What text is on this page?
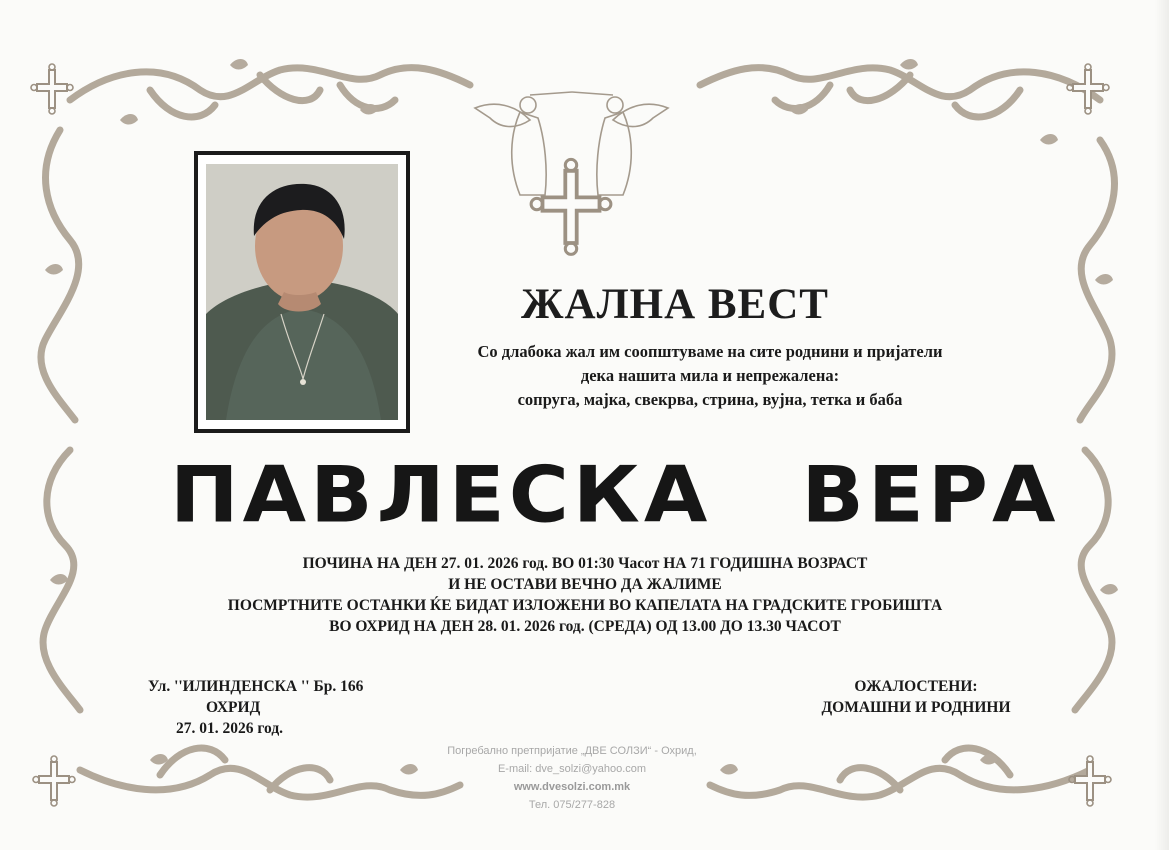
ЖАЛНА ВЕСТ
Со длабока жал им соопштуваме на сите роднини и пријатели
дека нашита мила и непрежалена:
сопруга, мајка, свекрва, стрина, вујна, тетка и баба
ПАВЛЕСКА ВЕРА
ПОЧИНА НА ДЕН 27. 01. 2026 год. ВО 01:30 Часот НА 71 ГОДИШНА ВОЗРАСТ
И НЕ ОСТАВИ ВЕЧНО ДА ЖАЛИМЕ
ПОСМРТНИТЕ ОСТАНКИ ЌЕ БИДАТ ИЗЛОЖЕНИ ВО КАПЕЛАТА НА ГРАДСКИТЕ ГРОБИШТА
ВО ОХРИД НА ДЕН 28. 01. 2026 год. (СРЕДА) ОД 13.00 ДО 13.30 ЧАСОТ
Ул. ''ИЛИНДЕНСКА '' Бр. 166
ОХРИД
27. 01. 2026 год.
ОЖАЛОСТЕНИ:
ДОМАШНИ И РОДНИНИ
Погребално претпријатие „ДВЕ СОЛЗИ“ - Охрид,
E-mail: dve_solzi@yahoo.com
www.dvesolzi.com.mk
Тел. 075/277-828
